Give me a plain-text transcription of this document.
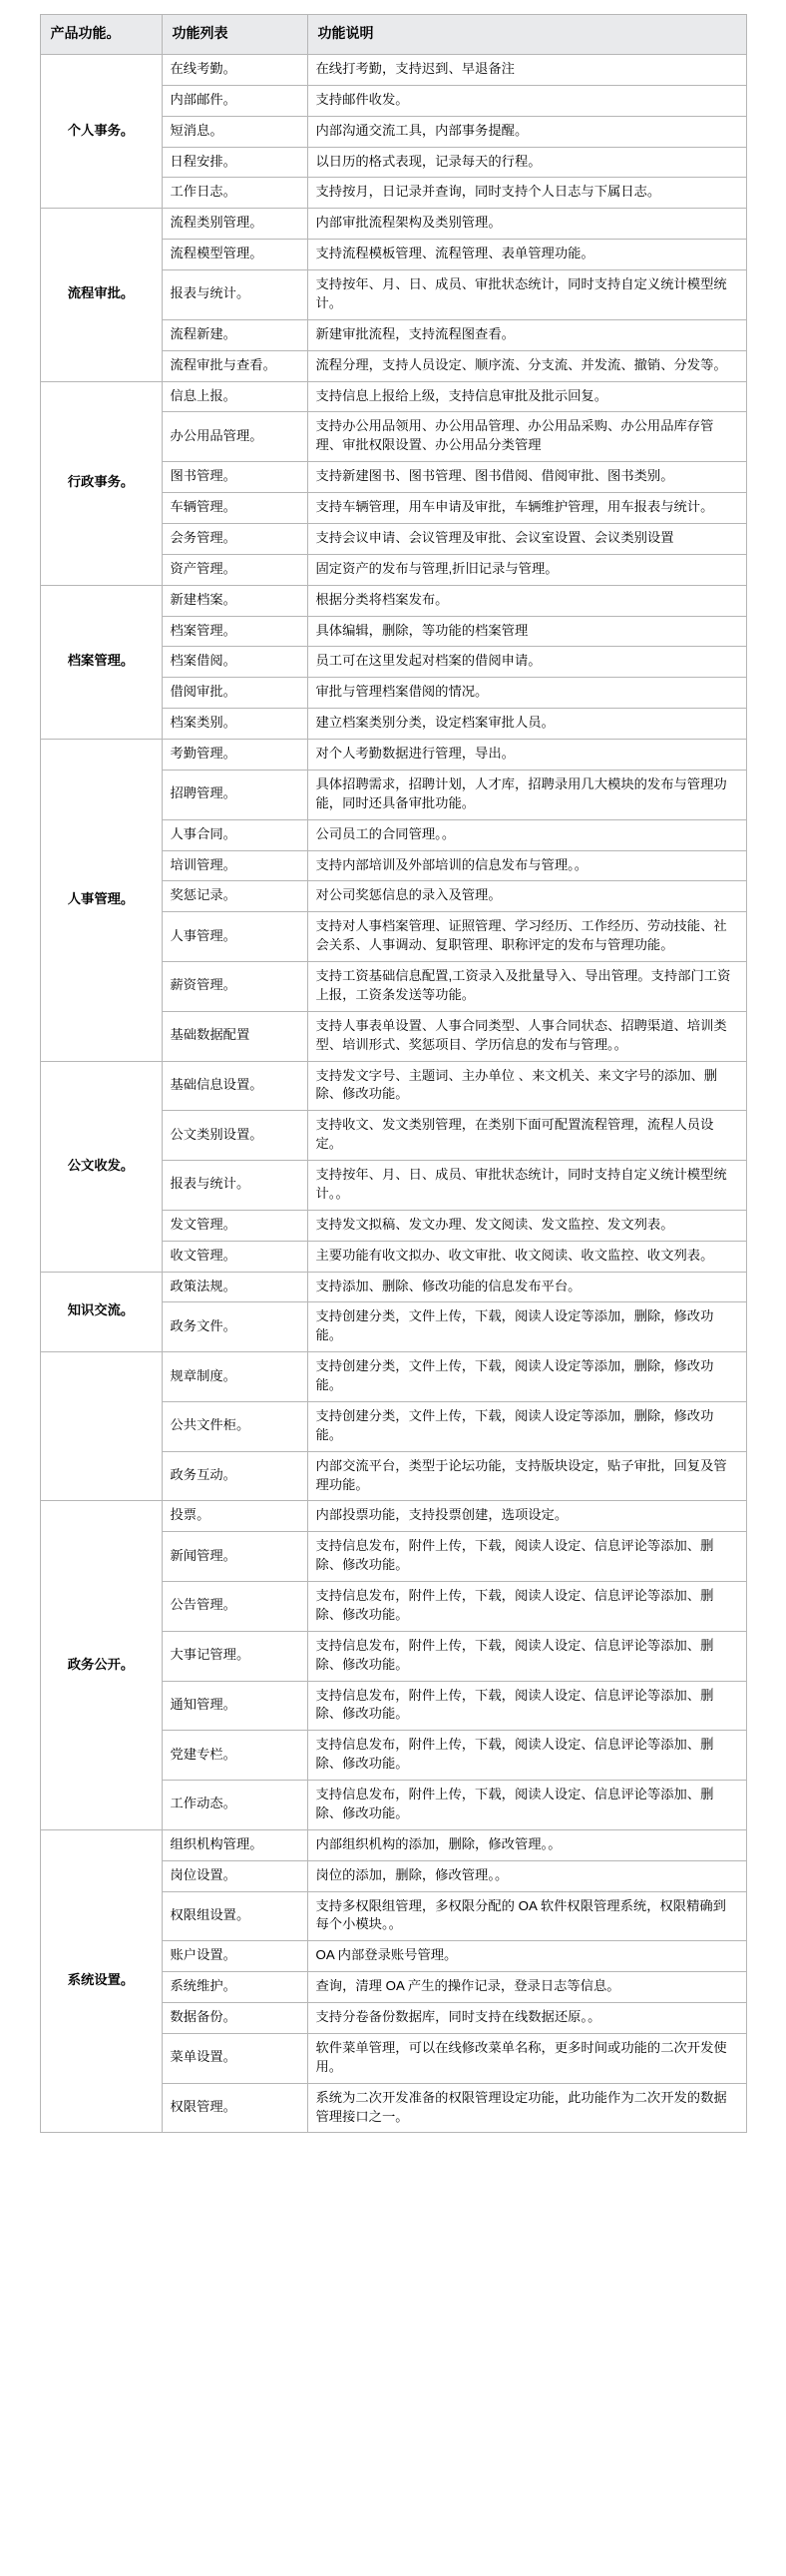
产品功能。	功能列表	功能说明

个人事务。	在线考勤。	在线打考勤，支持迟到、早退备注
	内部邮件。	支持邮件收发。
	短消息。	内部沟通交流工具，内部事务提醒。
	日程安排。	以日历的格式表现，记录每天的行程。
	工作日志。	支持按月，日记录并查询，同时支持个人日志与下属日志。

流程审批。	流程类别管理。	内部审批流程架构及类别管理。
	流程模型管理。	支持流程模板管理、流程管理、表单管理功能。
	报表与统计。	支持按年、月、日、成员、审批状态统计，同时支持自定义统计模型统计。
	流程新建。	新建审批流程，支持流程图查看。
	流程审批与查看。	流程分理，支持人员设定、顺序流、分支流、并发流、撤销、分发等。

行政事务。	信息上报。	支持信息上报给上级，支持信息审批及批示回复。
	办公用品管理。	支持办公用品领用、办公用品管理、办公用品采购、办公用品库存管理、审批权限设置、办公用品分类管理
	图书管理。	支持新建图书、图书管理、图书借阅、借阅审批、图书类别。
	车辆管理。	支持车辆管理，用车申请及审批，车辆维护管理，用车报表与统计。
	会务管理。	支持会议申请、会议管理及审批、会议室设置、会议类别设置
	资产管理。	固定资产的发布与管理,折旧记录与管理。

档案管理。	新建档案。	根据分类将档案发布。
	档案管理。	具体编辑，删除，等功能的档案管理
	档案借阅。	员工可在这里发起对档案的借阅申请。
	借阅审批。	审批与管理档案借阅的情况。
	档案类别。	建立档案类别分类，设定档案审批人员。

人事管理。	考勤管理。	对个人考勤数据进行管理，导出。
	招聘管理。	具体招聘需求，招聘计划，人才库，招聘录用几大模块的发布与管理功能，同时还具备审批功能。
	人事合同。	公司员工的合同管理。。
	培训管理。	支持内部培训及外部培训的信息发布与管理。。
	奖惩记录。	对公司奖惩信息的录入及管理。
	人事管理。	支持对人事档案管理、证照管理、学习经历、工作经历、劳动技能、社会关系、人事调动、复职管理、职称评定的发布与管理功能。
	薪资管理。	支持工资基础信息配置,工资录入及批量导入、导出管理。支持部门工资上报，工资条发送等功能。
	基础数据配置	支持人事表单设置、人事合同类型、人事合同状态、招聘渠道、培训类型、培训形式、奖惩项目、学历信息的发布与管理。。

公文收发。	基础信息设置。	支持发文字号、主题词、主办单位 、来文机关、来文字号的添加、删除、修改功能。
	公文类别设置。	支持收文、发文类别管理，在类别下面可配置流程管理，流程人员设定。
	报表与统计。	支持按年、月、日、成员、审批状态统计，同时支持自定义统计模型统计。。
	发文管理。	支持发文拟稿、发文办理、发文阅读、发文监控、发文列表。
	收文管理。	主要功能有收文拟办、收文审批、收文阅读、收文监控、收文列表。

知识交流。	政策法规。	支持添加、删除、修改功能的信息发布平台。
	政务文件。	支持创建分类，文件上传，下载，阅读人设定等添加，删除，修改功能。

	规章制度。	支持创建分类，文件上传，下载，阅读人设定等添加，删除，修改功能。
	公共文件柜。	支持创建分类，文件上传，下载，阅读人设定等添加，删除，修改功能。
	政务互动。	内部交流平台，类型于论坛功能，支持版块设定，贴子审批，回复及管理功能。

政务公开。	投票。	内部投票功能，支持投票创建，选项设定。
	新闻管理。	支持信息发布，附件上传，下载，阅读人设定、信息评论等添加、删除、修改功能。
	公告管理。	支持信息发布，附件上传，下载，阅读人设定、信息评论等添加、删除、修改功能。
	大事记管理。	支持信息发布，附件上传，下载，阅读人设定、信息评论等添加、删除、修改功能。
	通知管理。	支持信息发布，附件上传，下载，阅读人设定、信息评论等添加、删除、修改功能。
	党建专栏。	支持信息发布，附件上传，下载，阅读人设定、信息评论等添加、删除、修改功能。
	工作动态。	支持信息发布，附件上传，下载，阅读人设定、信息评论等添加、删除、修改功能。

系统设置。	组织机构管理。	内部组织机构的添加，删除，修改管理。。
	岗位设置。	岗位的添加，删除，修改管理。。
	权限组设置。	支持多权限组管理，多权限分配的 OA 软件权限管理系统，权限精确到每个小模块。。
	账户设置。	OA 内部登录账号管理。
	系统维护。	查询，清理 OA 产生的操作记录，登录日志等信息。
	数据备份。	支持分卷备份数据库，同时支持在线数据还原。。
	菜单设置。	软件菜单管理，可以在线修改菜单名称，更多时间或功能的二次开发使用。
	权限管理。	系统为二次开发准备的权限管理设定功能，此功能作为二次开发的数据管理接口之一。
